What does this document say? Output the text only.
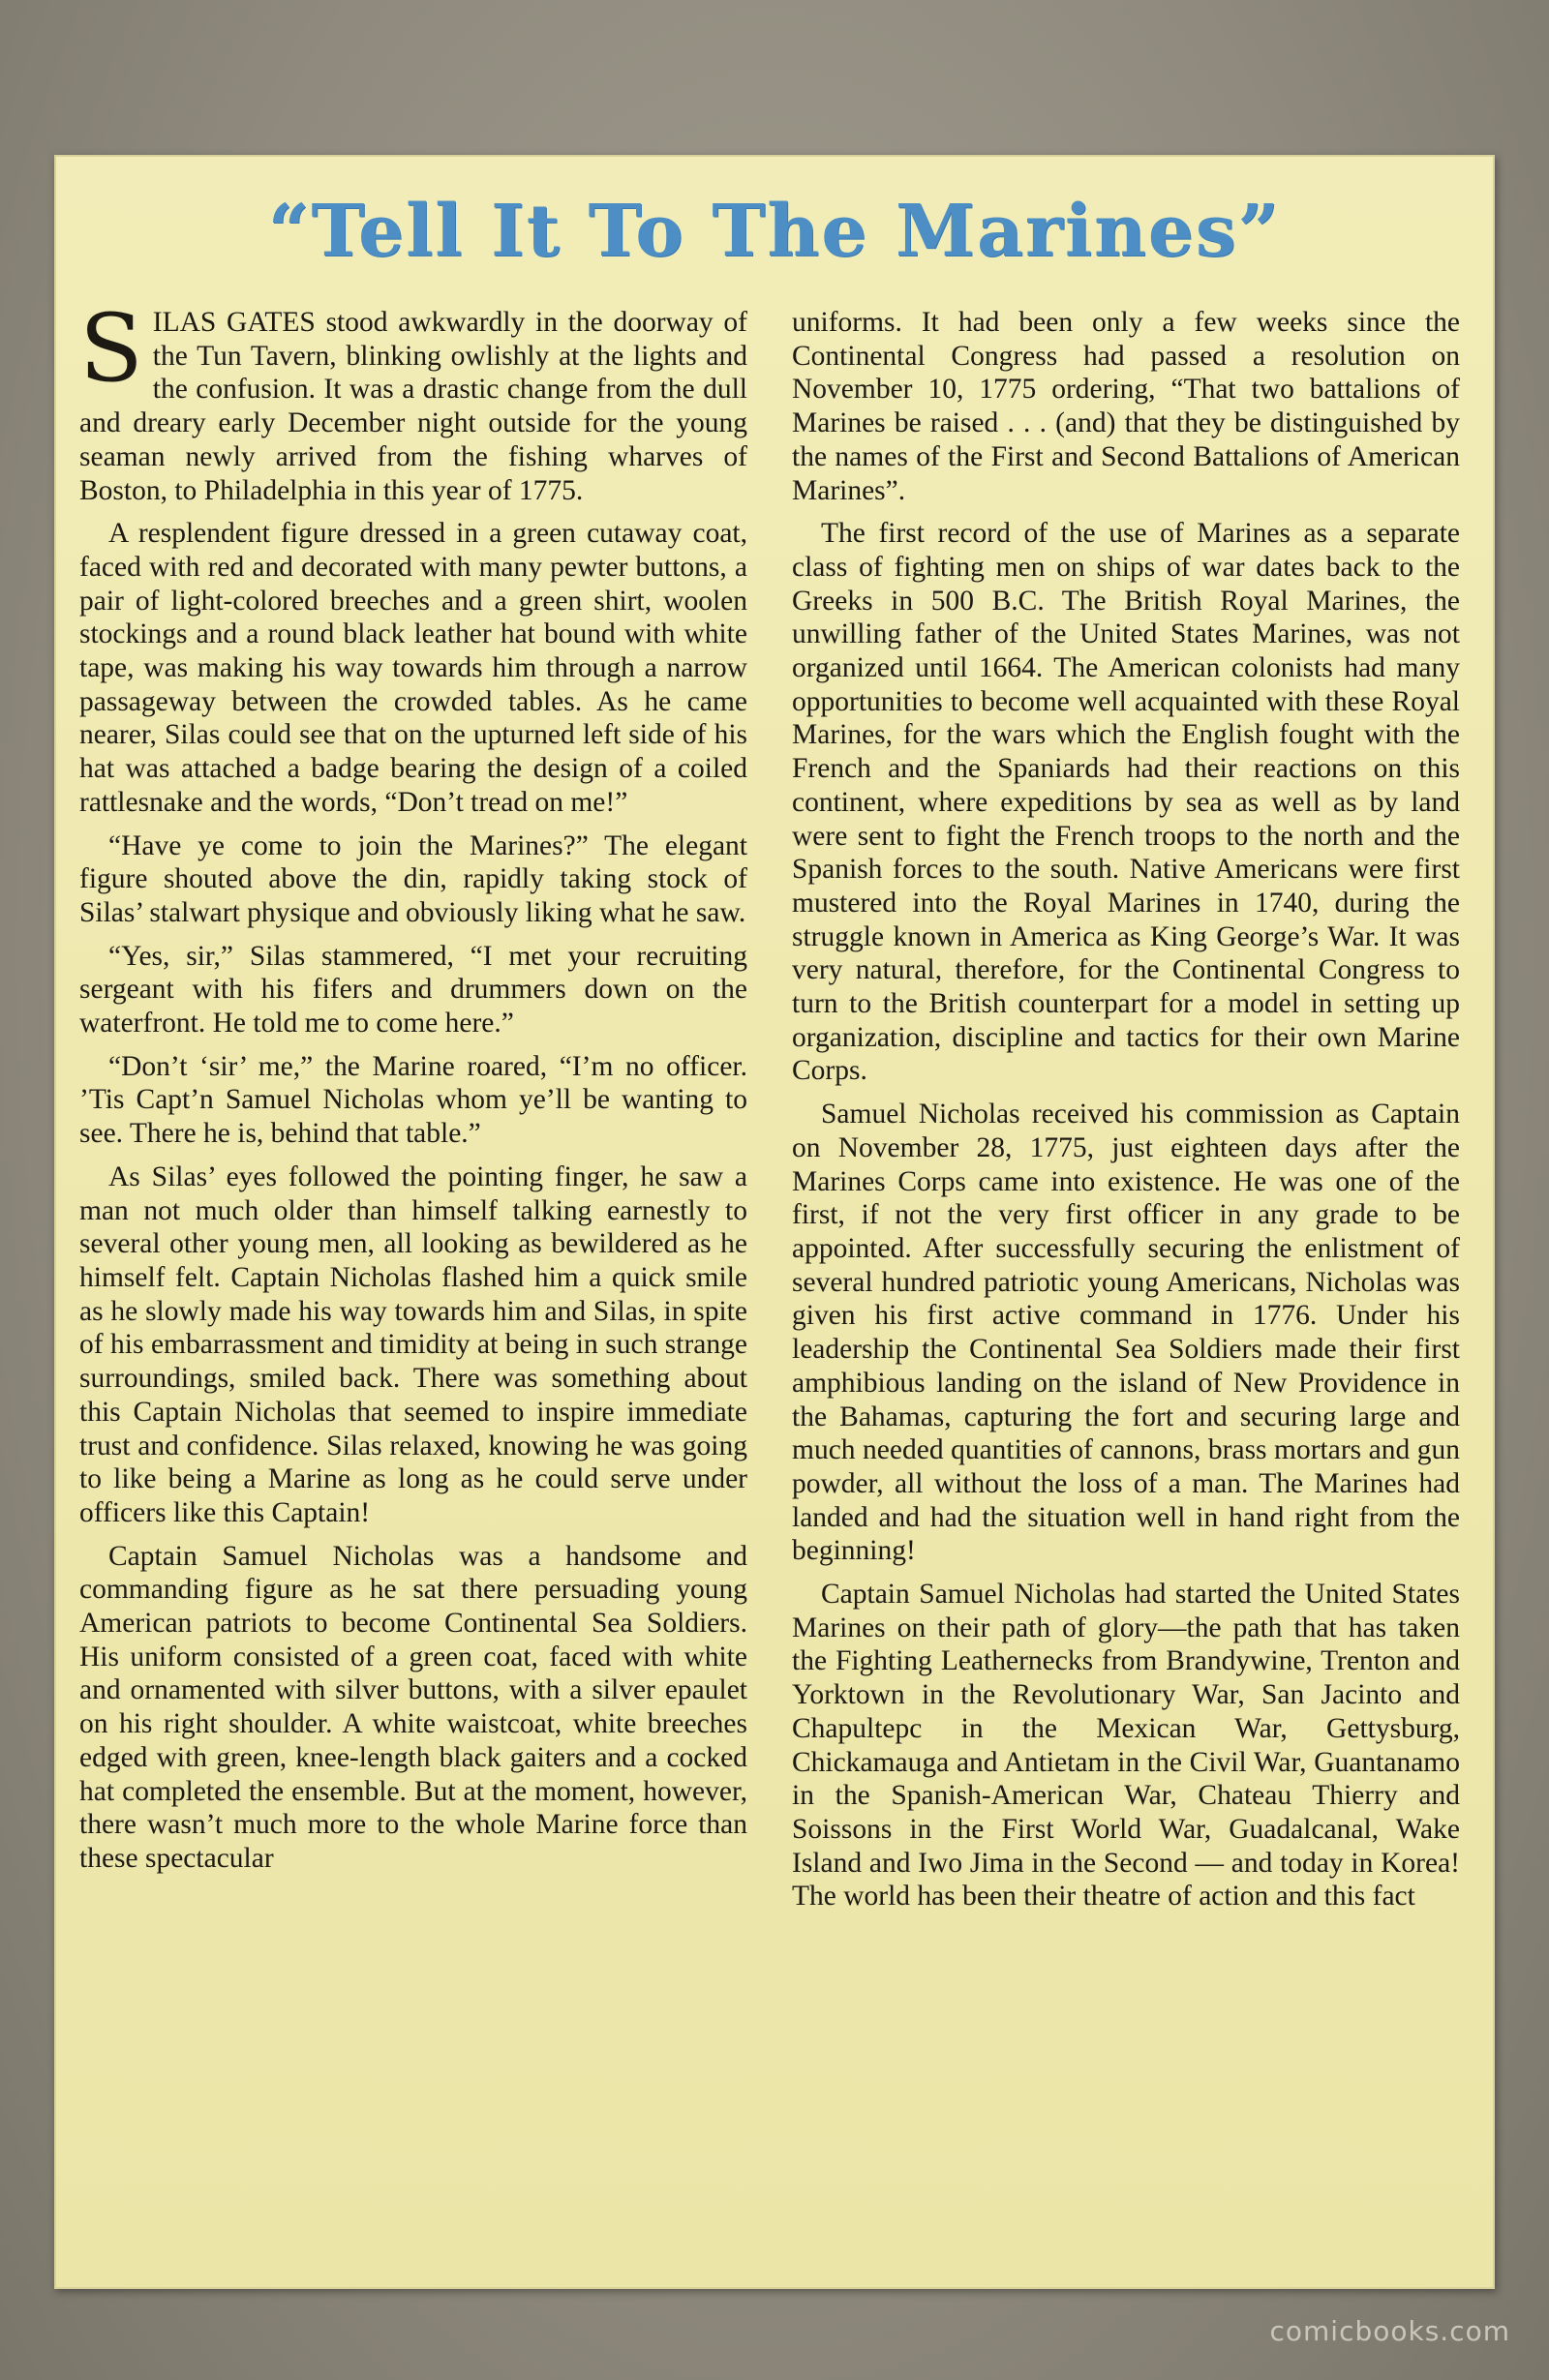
“Tell It To The Marines”

SILAS GATES stood awkwardly in the doorway of the Tun Tavern, blinking owlishly at the lights and the confusion. It was a drastic change from the dull and dreary early December night outside for the young seaman newly arrived from the fishing wharves of Boston, to Philadelphia in this year of 1775.

A resplendent figure dressed in a green cutaway coat, faced with red and decorated with many pewter buttons, a pair of light-colored breeches and a green shirt, woolen stockings and a round black leather hat bound with white tape, was making his way towards him through a narrow passageway between the crowded tables. As he came nearer, Silas could see that on the upturned left side of his hat was attached a badge bearing the design of a coiled rattlesnake and the words, “Don’t tread on me!”

“Have ye come to join the Marines?” The elegant figure shouted above the din, rapidly taking stock of Silas’ stalwart physique and obviously liking what he saw.

“Yes, sir,” Silas stammered, “I met your recruiting sergeant with his fifers and drummers down on the waterfront. He told me to come here.”

“Don’t ‘sir’ me,” the Marine roared, “I’m no officer. ’Tis Capt’n Samuel Nicholas whom ye’ll be wanting to see. There he is, behind that table.”

As Silas’ eyes followed the pointing finger, he saw a man not much older than himself talking earnestly to several other young men, all looking as bewildered as he himself felt. Captain Nicholas flashed him a quick smile as he slowly made his way towards him and Silas, in spite of his embarrassment and timidity at being in such strange surroundings, smiled back. There was something about this Captain Nicholas that seemed to inspire immediate trust and confidence. Silas relaxed, knowing he was going to like being a Marine as long as he could serve under officers like this Captain!

Captain Samuel Nicholas was a handsome and commanding figure as he sat there persuading young American patriots to become Continental Sea Soldiers. His uniform consisted of a green coat, faced with white and ornamented with silver buttons, with a silver epaulet on his right shoulder. A white waistcoat, white breeches edged with green, knee-length black gaiters and a cocked hat completed the ensemble. But at the moment, however, there wasn’t much more to the whole Marine force than these spectacular

uniforms. It had been only a few weeks since the Continental Congress had passed a resolution on November 10, 1775 ordering, “That two battalions of Marines be raised . . . (and) that they be distinguished by the names of the First and Second Battalions of American Marines”.

The first record of the use of Marines as a separate class of fighting men on ships of war dates back to the Greeks in 500 B.C. The British Royal Marines, the unwilling father of the United States Marines, was not organized until 1664. The American colonists had many opportunities to become well acquainted with these Royal Marines, for the wars which the English fought with the French and the Spaniards had their reactions on this continent, where expeditions by sea as well as by land were sent to fight the French troops to the north and the Spanish forces to the south. Native Americans were first mustered into the Royal Marines in 1740, during the struggle known in America as King George’s War. It was very natural, therefore, for the Continental Congress to turn to the British counterpart for a model in setting up organization, discipline and tactics for their own Marine Corps.

Samuel Nicholas received his commission as Captain on November 28, 1775, just eighteen days after the Marines Corps came into existence. He was one of the first, if not the very first officer in any grade to be appointed. After successfully securing the enlistment of several hundred patriotic young Americans, Nicholas was given his first active command in 1776. Under his leadership the Continental Sea Soldiers made their first amphibious landing on the island of New Providence in the Bahamas, capturing the fort and securing large and much needed quantities of cannons, brass mortars and gun powder, all without the loss of a man. The Marines had landed and had the situation well in hand right from the beginning!

Captain Samuel Nicholas had started the United States Marines on their path of glory—the path that has taken the Fighting Leathernecks from Brandywine, Trenton and Yorktown in the Revolutionary War, San Jacinto and Chapultepc in the Mexican War, Gettysburg, Chickamauga and Antietam in the Civil War, Guantanamo in the Spanish-American War, Chateau Thierry and Soissons in the First World War, Guadalcanal, Wake Island and Iwo Jima in the Second — and today in Korea! The world has been their theatre of action and this fact

comicbooks.com
